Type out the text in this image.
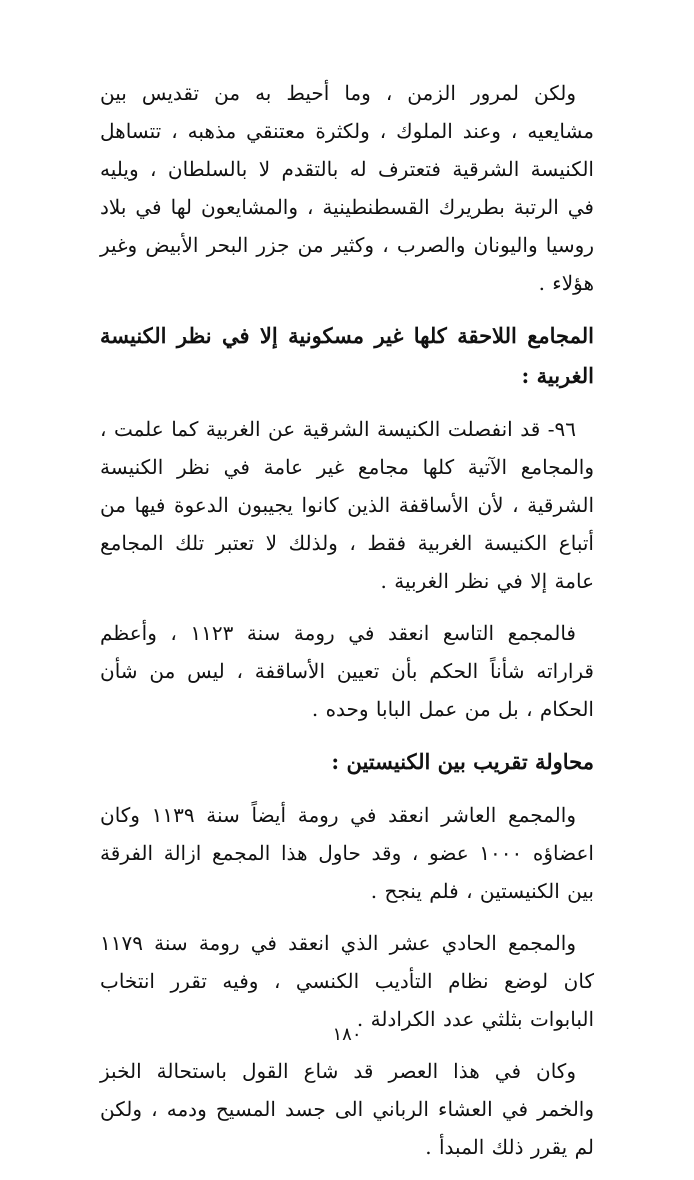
ولكن لمرور الزمن ، وما أحيط به من تقديس بين مشايعيه ، وعند الملوك ، ولكثرة معتنقي مذهبه ، تتساهل الكنيسة الشرقية فتعترف له بالتقدم لا بالسلطان ، ويليه في الرتبة بطريرك القسطنطينية ، والمشايعون لها في بلاد روسيا واليونان والصرب ، وكثير من جزر البحر الأبيض وغير هؤلاء .

المجامع اللاحقة كلها غير مسكونية إلا في نظر الكنيسة الغربية :

٩٦- قد انفصلت الكنيسة الشرقية عن الغربية كما علمت ، والمجامع الآتية كلها مجامع غير عامة في نظر الكنيسة الشرقية ، لأن الأساقفة الذين كانوا يجيبون الدعوة فيها من أتباع الكنيسة الغربية فقط ، ولذلك لا تعتبر تلك المجامع عامة إلا في نظر الغربية .

فالمجمع التاسع انعقد في رومة سنة ١١٢٣ ، وأعظم قراراته شأناً الحكم بأن تعيين الأساقفة ، ليس من شأن الحكام ، بل من عمل البابا وحده .

محاولة تقريب بين الكنيستين :

والمجمع العاشر انعقد في رومة أيضاً سنة ١١٣٩ وكان اعضاؤه ١٠٠٠ عضو ، وقد حاول هذا المجمع ازالة الفرقة بين الكنيستين ، فلم ينجح .

والمجمع الحادي عشر الذي انعقد في رومة سنة ١١٧٩ كان لوضع نظام التأديب الكنسي ، وفيه تقرر انتخاب البابوات بثلثي عدد الكرادلة .

وكان في هذا العصر قد شاع القول باستحالة الخبز والخمر في العشاء الرباني الى جسد المسيح ودمه ، ولكن لم يقرر ذلك المبدأ .

١٨٠
